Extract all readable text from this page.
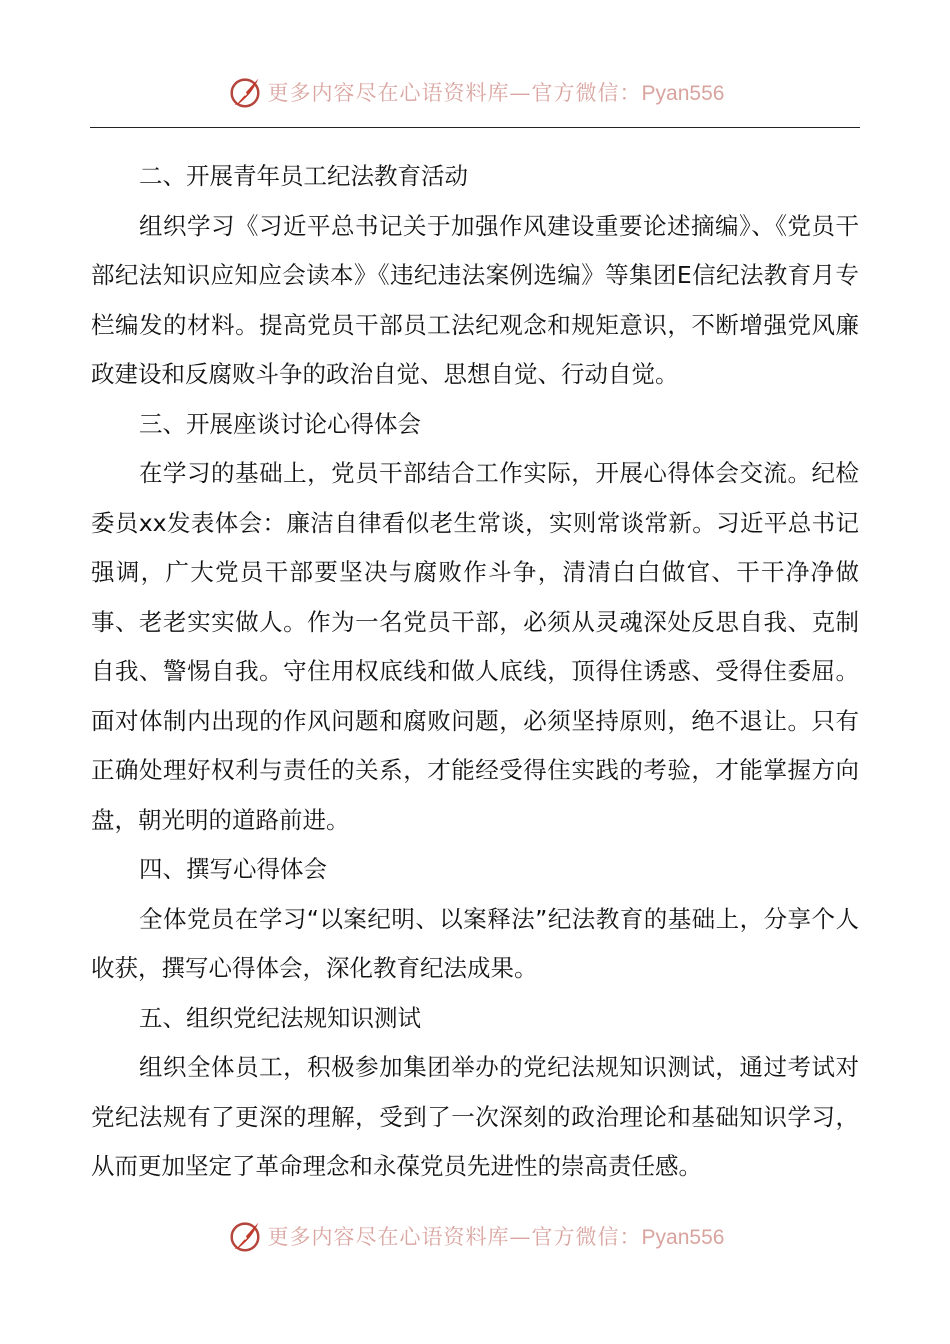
更多内容尽在心语资料库—官方微信：Pyan556

二、开展青年员工纪法教育活动

组织学习《习近平总书记关于加强作风建设重要论述摘编》、《党员干部纪法知识应知应会读本》《违纪违法案例选编》等集团E信纪法教育月专栏编发的材料。提高党员干部员工法纪观念和规矩意识，不断增强党风廉政建设和反腐败斗争的政治自觉、思想自觉、行动自觉。

三、开展座谈讨论心得体会

在学习的基础上，党员干部结合工作实际，开展心得体会交流。纪检委员xx发表体会：廉洁自律看似老生常谈，实则常谈常新。习近平总书记强调，广大党员干部要坚决与腐败作斗争，清清白白做官、干干净净做事、老老实实做人。作为一名党员干部，必须从灵魂深处反思自我、克制自我、警惕自我。守住用权底线和做人底线，顶得住诱惑、受得住委屈。面对体制内出现的作风问题和腐败问题，必须坚持原则，绝不退让。只有正确处理好权利与责任的关系，才能经受得住实践的考验，才能掌握方向盘，朝光明的道路前进。

四、撰写心得体会

全体党员在学习“以案纪明、以案释法”纪法教育的基础上，分享个人收获，撰写心得体会，深化教育纪法成果。

五、组织党纪法规知识测试

组织全体员工，积极参加集团举办的党纪法规知识测试，通过考试对党纪法规有了更深的理解，受到了一次深刻的政治理论和基础知识学习，从而更加坚定了革命理念和永葆党员先进性的崇高责任感。

更多内容尽在心语资料库—官方微信：Pyan556
